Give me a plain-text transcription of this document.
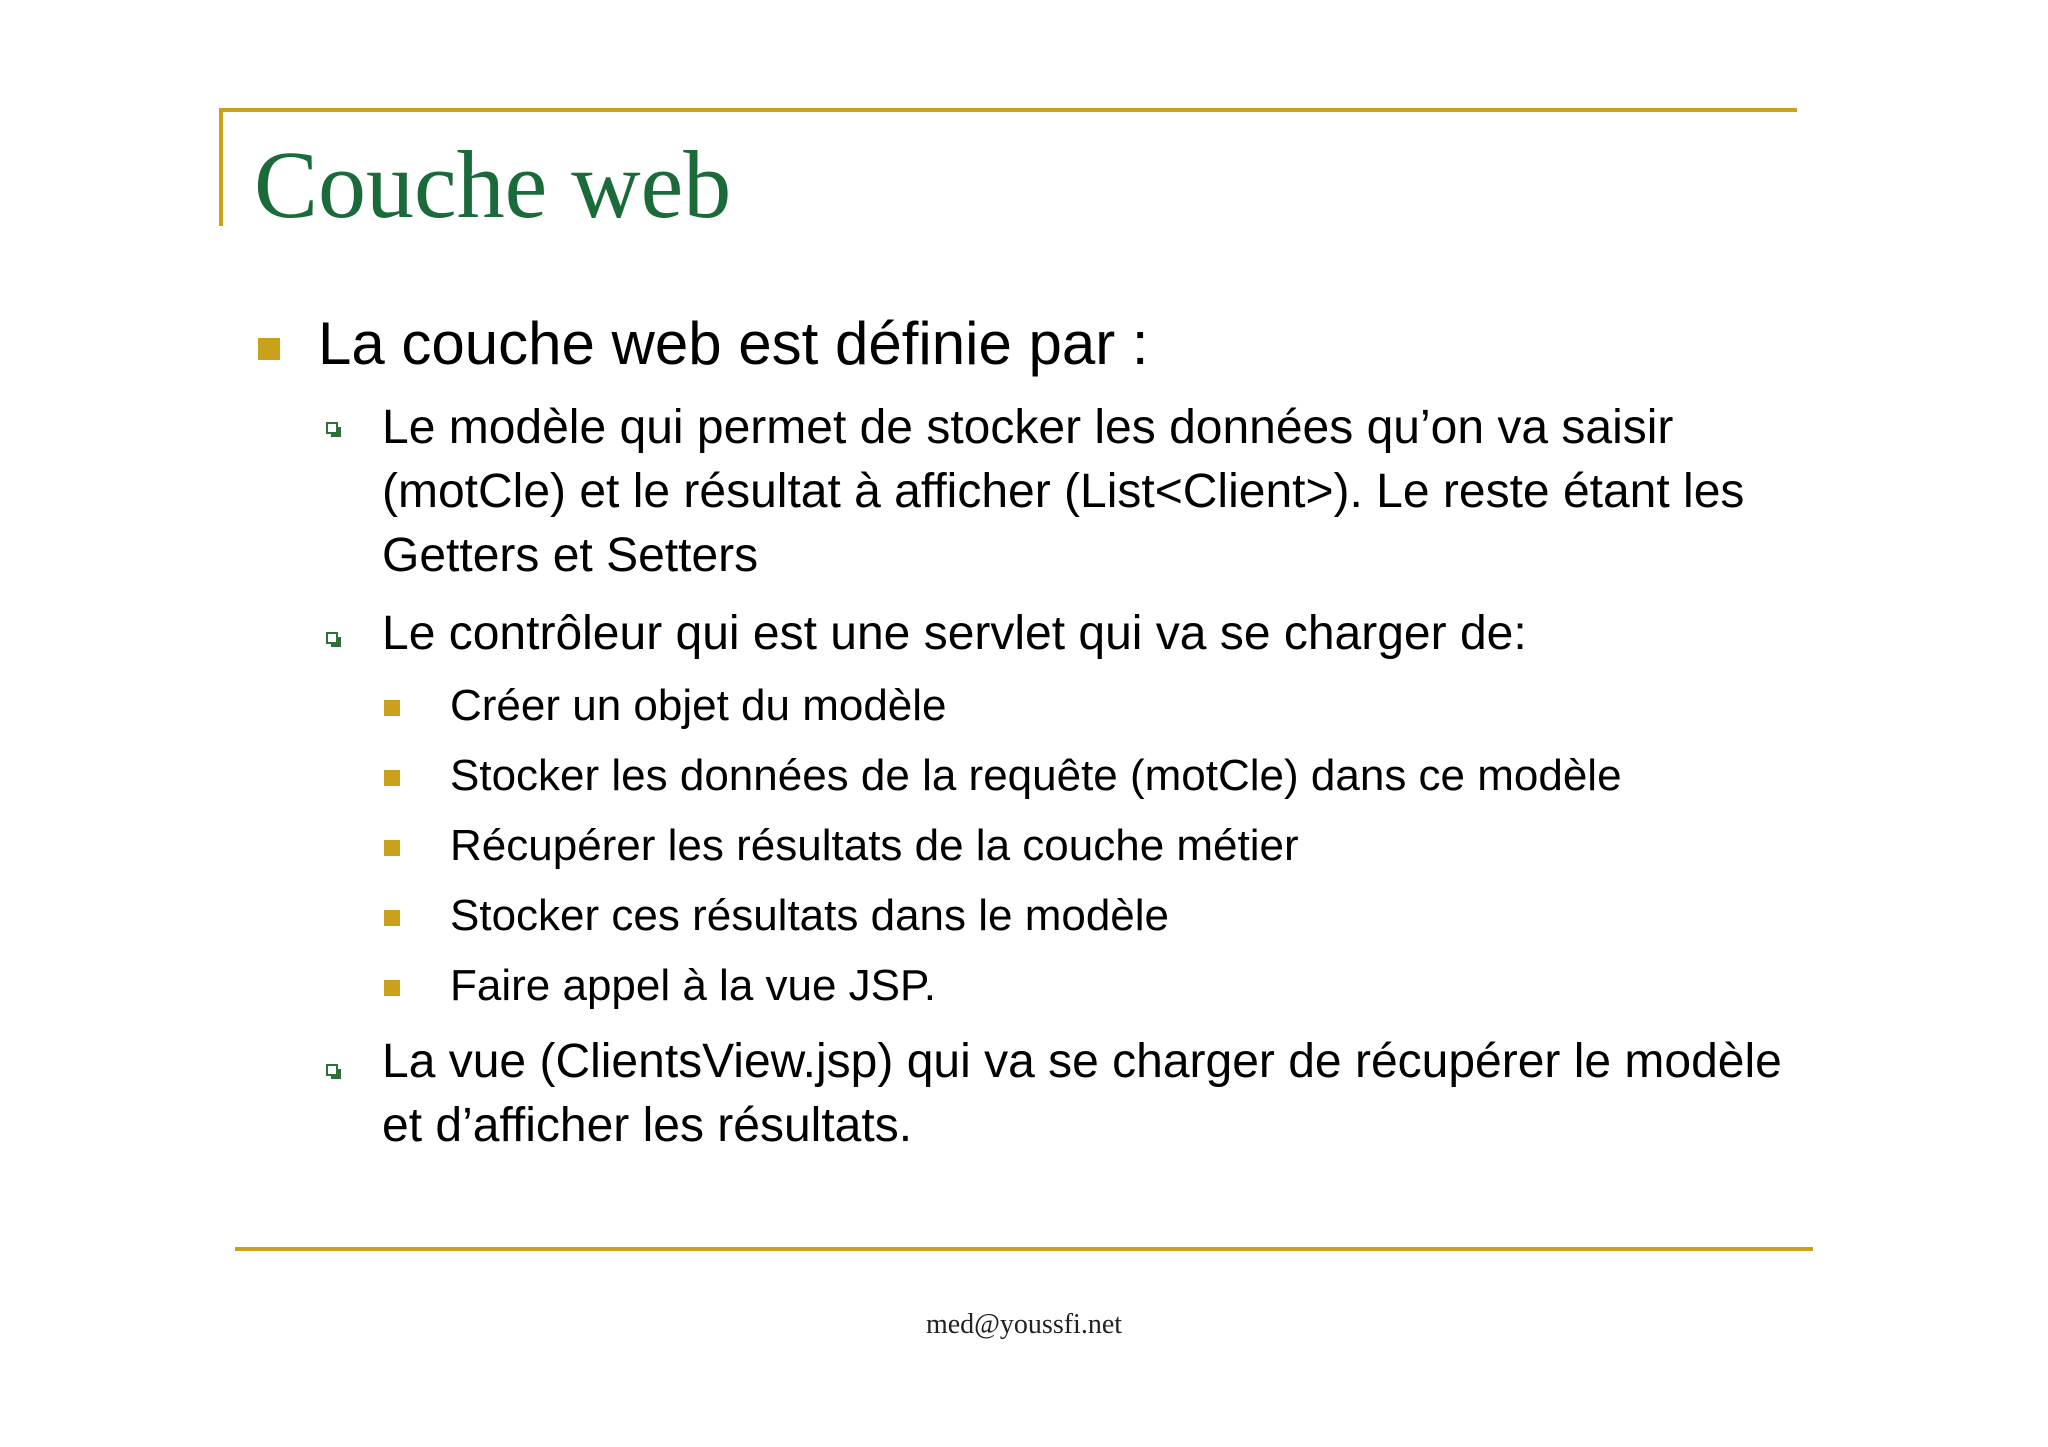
Couche web
La couche web est définie par :
Le modèle qui permet de stocker les données qu’on va saisir (motCle) et le résultat à afficher (List<Client>). Le reste étant les Getters et Setters
Le contrôleur qui est une servlet qui va se charger de:
Créer un objet du modèle
Stocker les données de la requête (motCle) dans ce modèle
Récupérer les résultats de la couche métier
Stocker ces résultats dans le modèle
Faire appel à la vue JSP.
La vue (ClientsView.jsp) qui va se charger de récupérer le modèle et d’afficher les résultats.
med@youssfi.net
